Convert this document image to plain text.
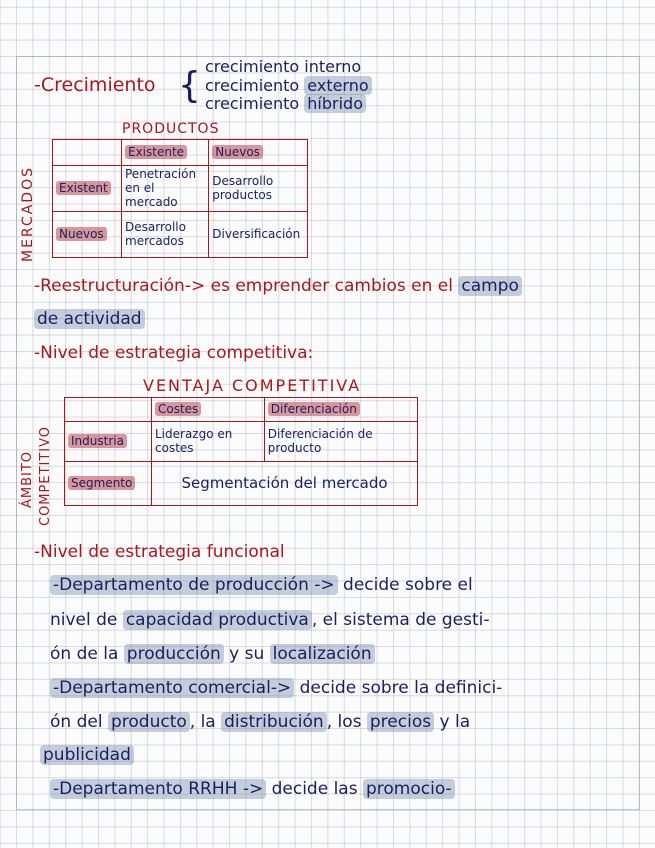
-Crecimiento { crecimiento interno
crecimiento externo
crecimiento híbrido
PRODUCTOS
MERCADOS
	Existente	Nuevos
Existent	Penetración en el mercado	Desarrollo productos
Nuevos	Desarrollo mercados	Diversificación
-Reestructuración-> es emprender cambios en el campo
de actividad
-Nivel de estrategia competitiva:
VENTAJA COMPETITIVA
ÁMBITO COMPETITIVO
	Costes	Diferenciación
Industria	Liderazgo en costes	Diferenciación de producto
Segmento	Segmentación del mercado	
-Nivel de estrategia funcional
-Departamento de producción -> decide sobre el
nivel de capacidad productiva , el sistema de gesti-
ón de la producción y su localización
-Departamento comercial-> decide sobre la definici-
ón del producto , la distribución , los precios y la
publicidad
-Departamento RRHH -> decide las promocio-
